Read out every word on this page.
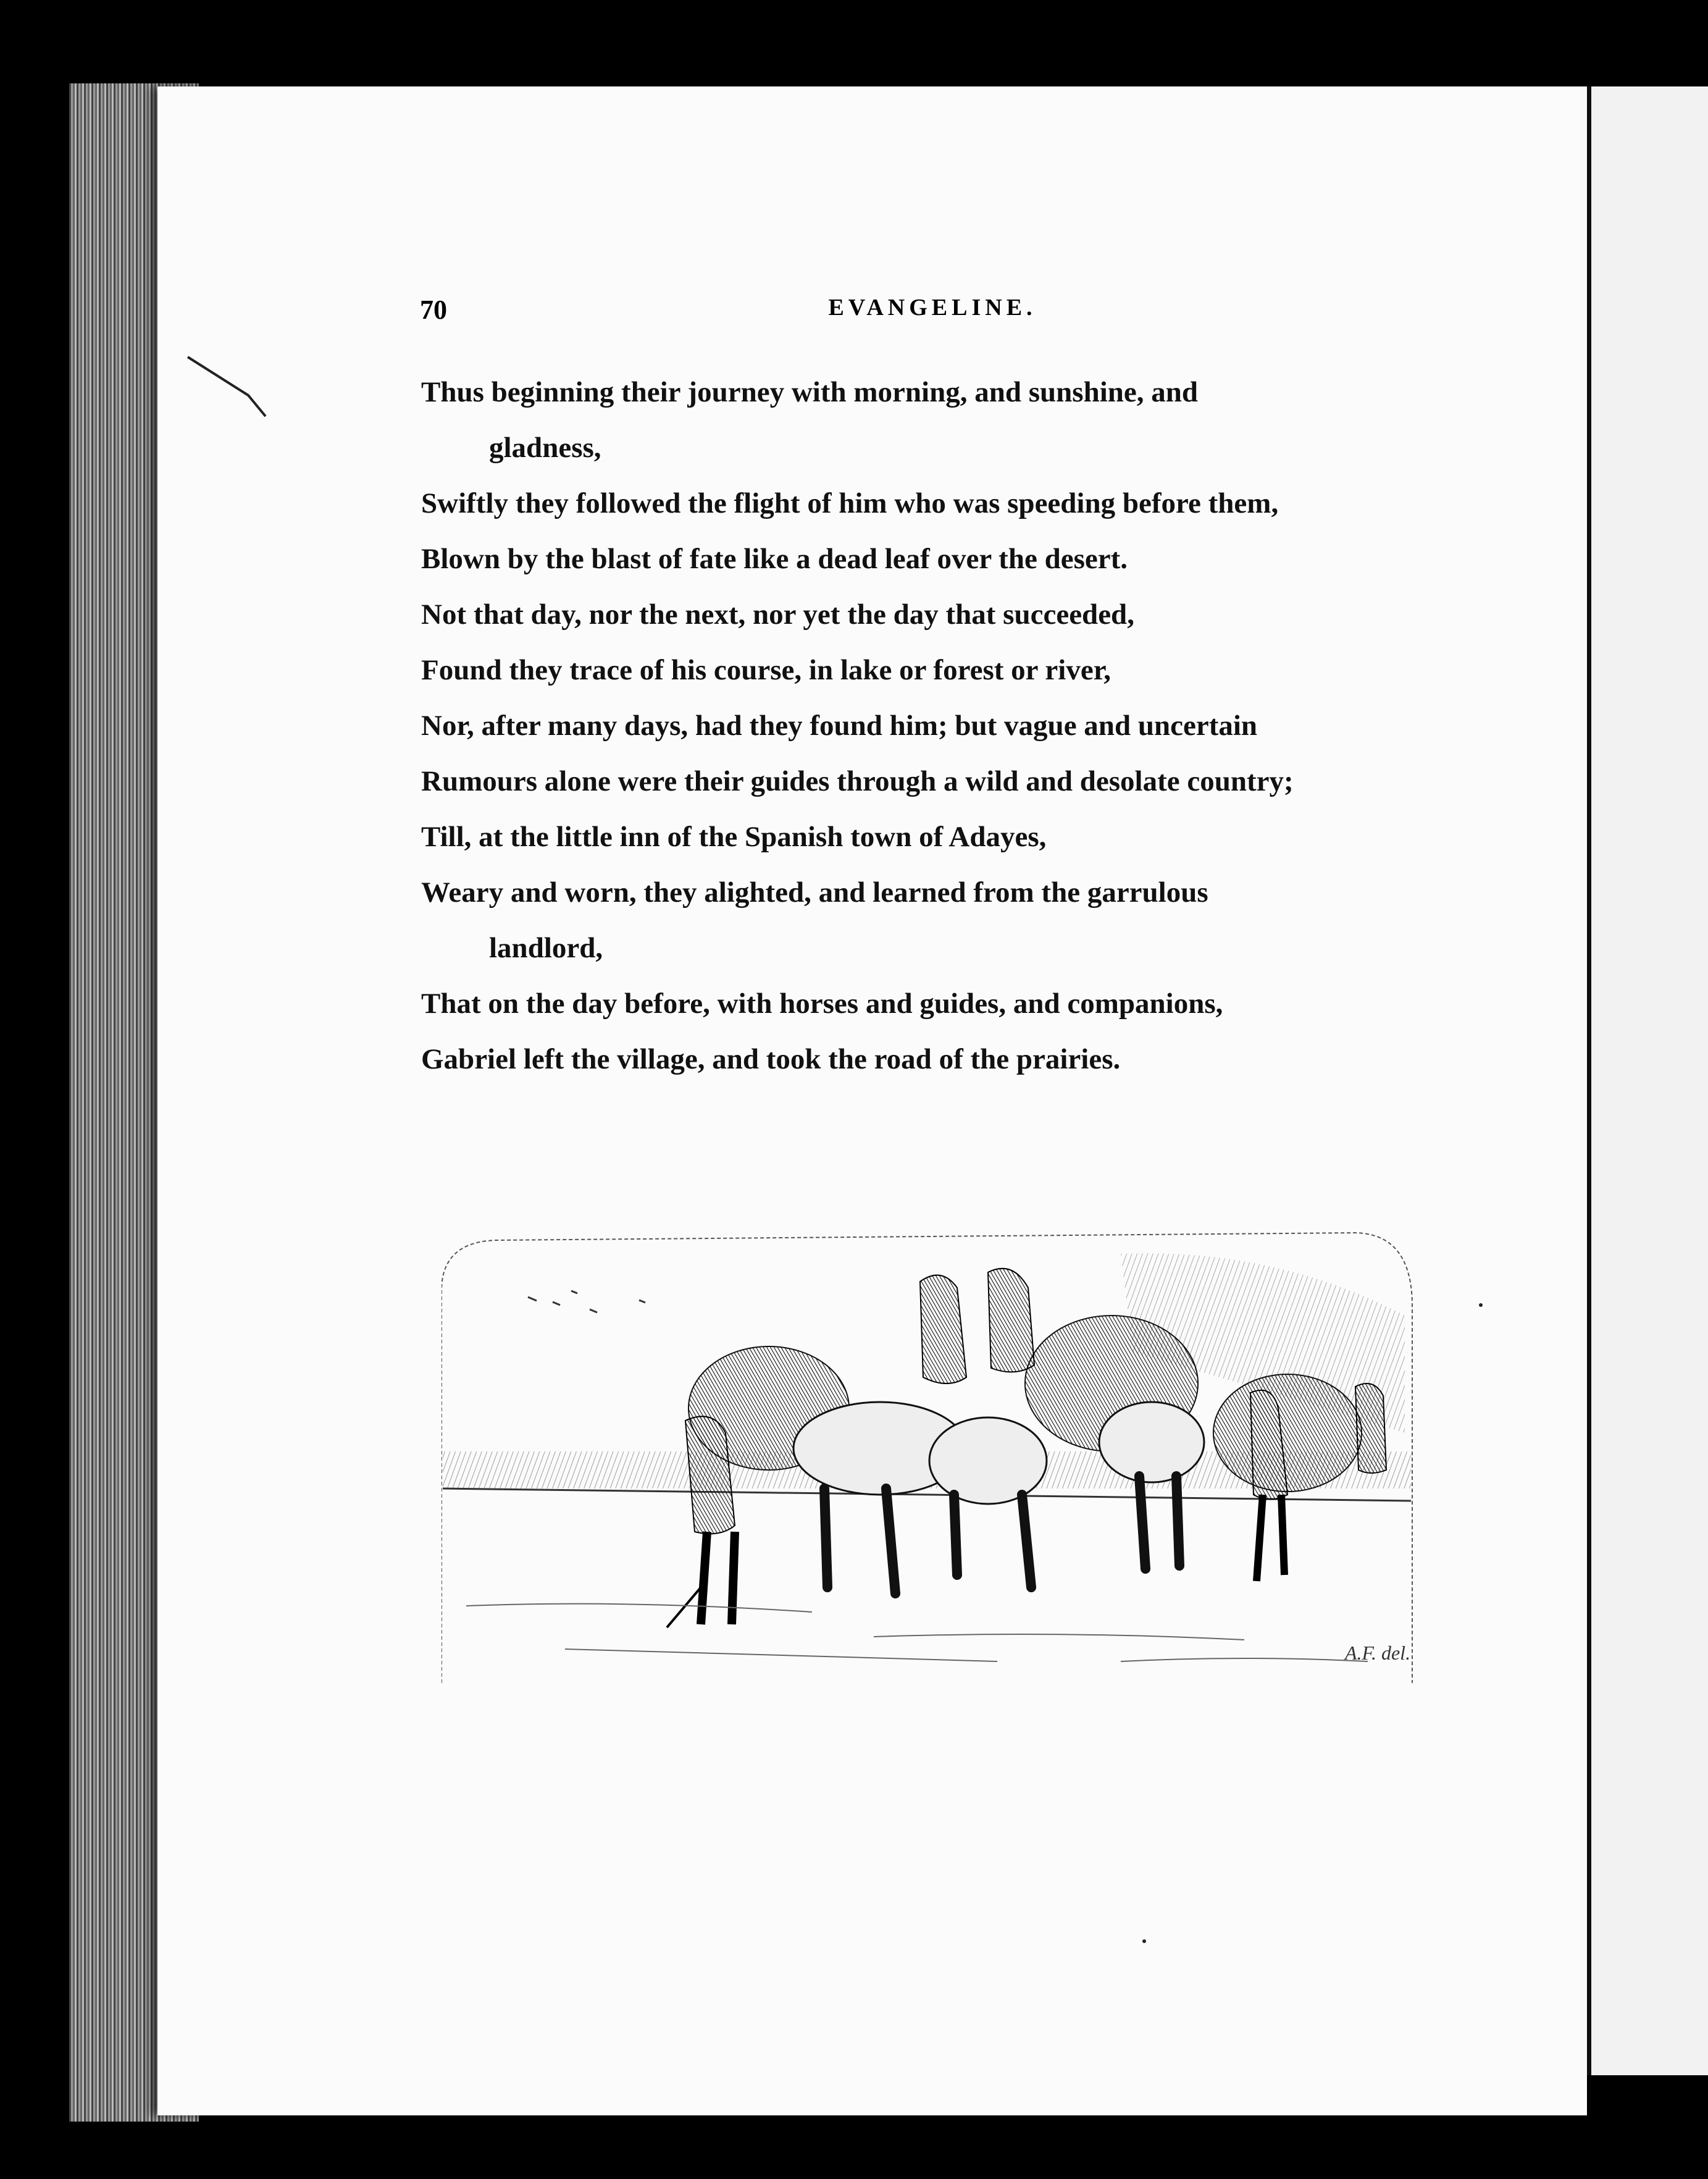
70	EVANGELINE.
Thus beginning their journey with morning, and sunshine, and
gladness,
Swiftly they followed the flight of him who was speeding before them,
Blown by the blast of fate like a dead leaf over the desert.
Not that day, nor the next, nor yet the day that succeeded,
Found they trace of his course, in lake or forest or river,
Nor, after many days, had they found him; but vague and uncertain
Rumours alone were their guides through a wild and desolate country;
Till, at the little inn of the Spanish town of Adayes,
Weary and worn, they alighted, and learned from the garrulous
landlord,
That on the day before, with horses and guides, and companions,
Gabriel left the village, and took the road of the prairies.
A.F. del.
